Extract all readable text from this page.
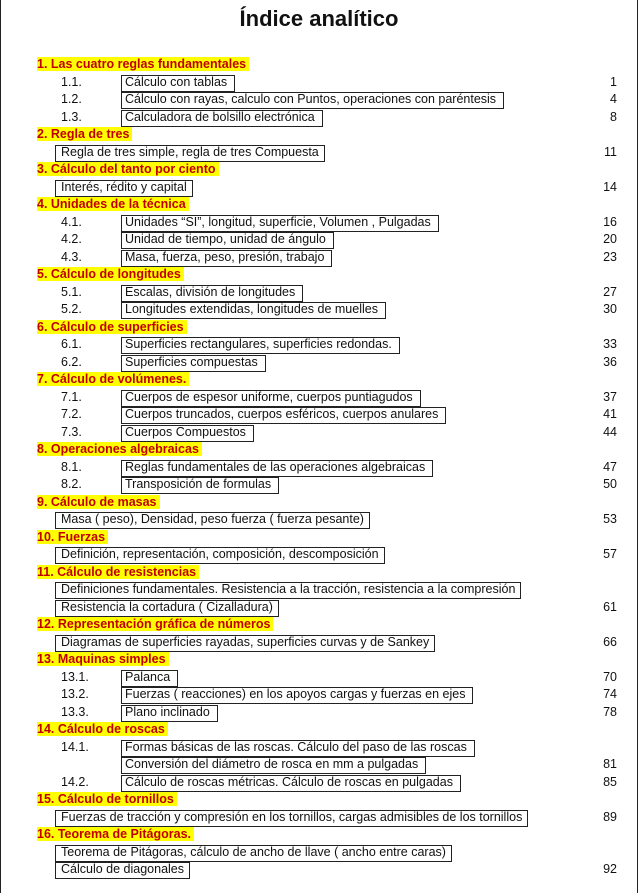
Índice analítico
1. Las cuatro reglas fundamentales
1.1.	Cálculo con tablas	1
1.2.	Cálculo con rayas, calculo con Puntos, operaciones con paréntesis	4
1.3.	Calculadora de bolsillo electrónica	8
2. Regla de tres
Regla de tres simple, regla de tres Compuesta	11
3. Cálculo del tanto por ciento
Interés, rédito y capital	14
4. Unidades de la técnica
4.1.	Unidades “SI”, longitud, superficie, Volumen , Pulgadas	16
4.2.	Unidad de tiempo, unidad de ángulo	20
4.3.	Masa, fuerza, peso, presión, trabajo	23
5. Cálculo de longitudes
5.1.	Escalas, división de longitudes	27
5.2.	Longitudes extendidas, longitudes de muelles	30
6. Cálculo de superficies
6.1.	Superficies rectangulares, superficies redondas.	33
6.2.	Superficies compuestas	36
7. Cálculo de volúmenes.
7.1.	Cuerpos de espesor uniforme, cuerpos puntiagudos	37
7.2.	Cuerpos truncados, cuerpos esféricos, cuerpos anulares	41
7.3.	Cuerpos Compuestos	44
8. Operaciones algebraicas
8.1.	Reglas fundamentales de las operaciones algebraicas	47
8.2.	Transposición de formulas	50
9. Cálculo de masas
Masa ( peso), Densidad, peso fuerza ( fuerza pesante)	53
10. Fuerzas
Definición, representación, composición, descomposición	57
11. Cálculo de resistencias
Definiciones fundamentales. Resistencia a la tracción, resistencia a la compresión
Resistencia la cortadura ( Cizalladura)	61
12. Representación gráfica de números
Diagramas de superficies rayadas, superficies curvas y de Sankey	66
13. Maquinas simples
13.1.	Palanca	70
13.2.	Fuerzas ( reacciones) en los apoyos cargas y fuerzas en ejes	74
13.3.	Plano inclinado	78
14. Cálculo de roscas
14.1.	Formas básicas de las roscas. Cálculo del paso de las roscas
Conversión del diámetro de rosca en mm a pulgadas	81
14.2.	Cálculo de roscas métricas. Cálculo de roscas en pulgadas	85
15. Cálculo de tornillos
Fuerzas de tracción y compresión en los tornillos, cargas admisibles de los tornillos	89
16. Teorema de Pitágoras.
Teorema de Pitágoras, cálculo de ancho de llave ( ancho entre caras)
Cálculo de diagonales	92
